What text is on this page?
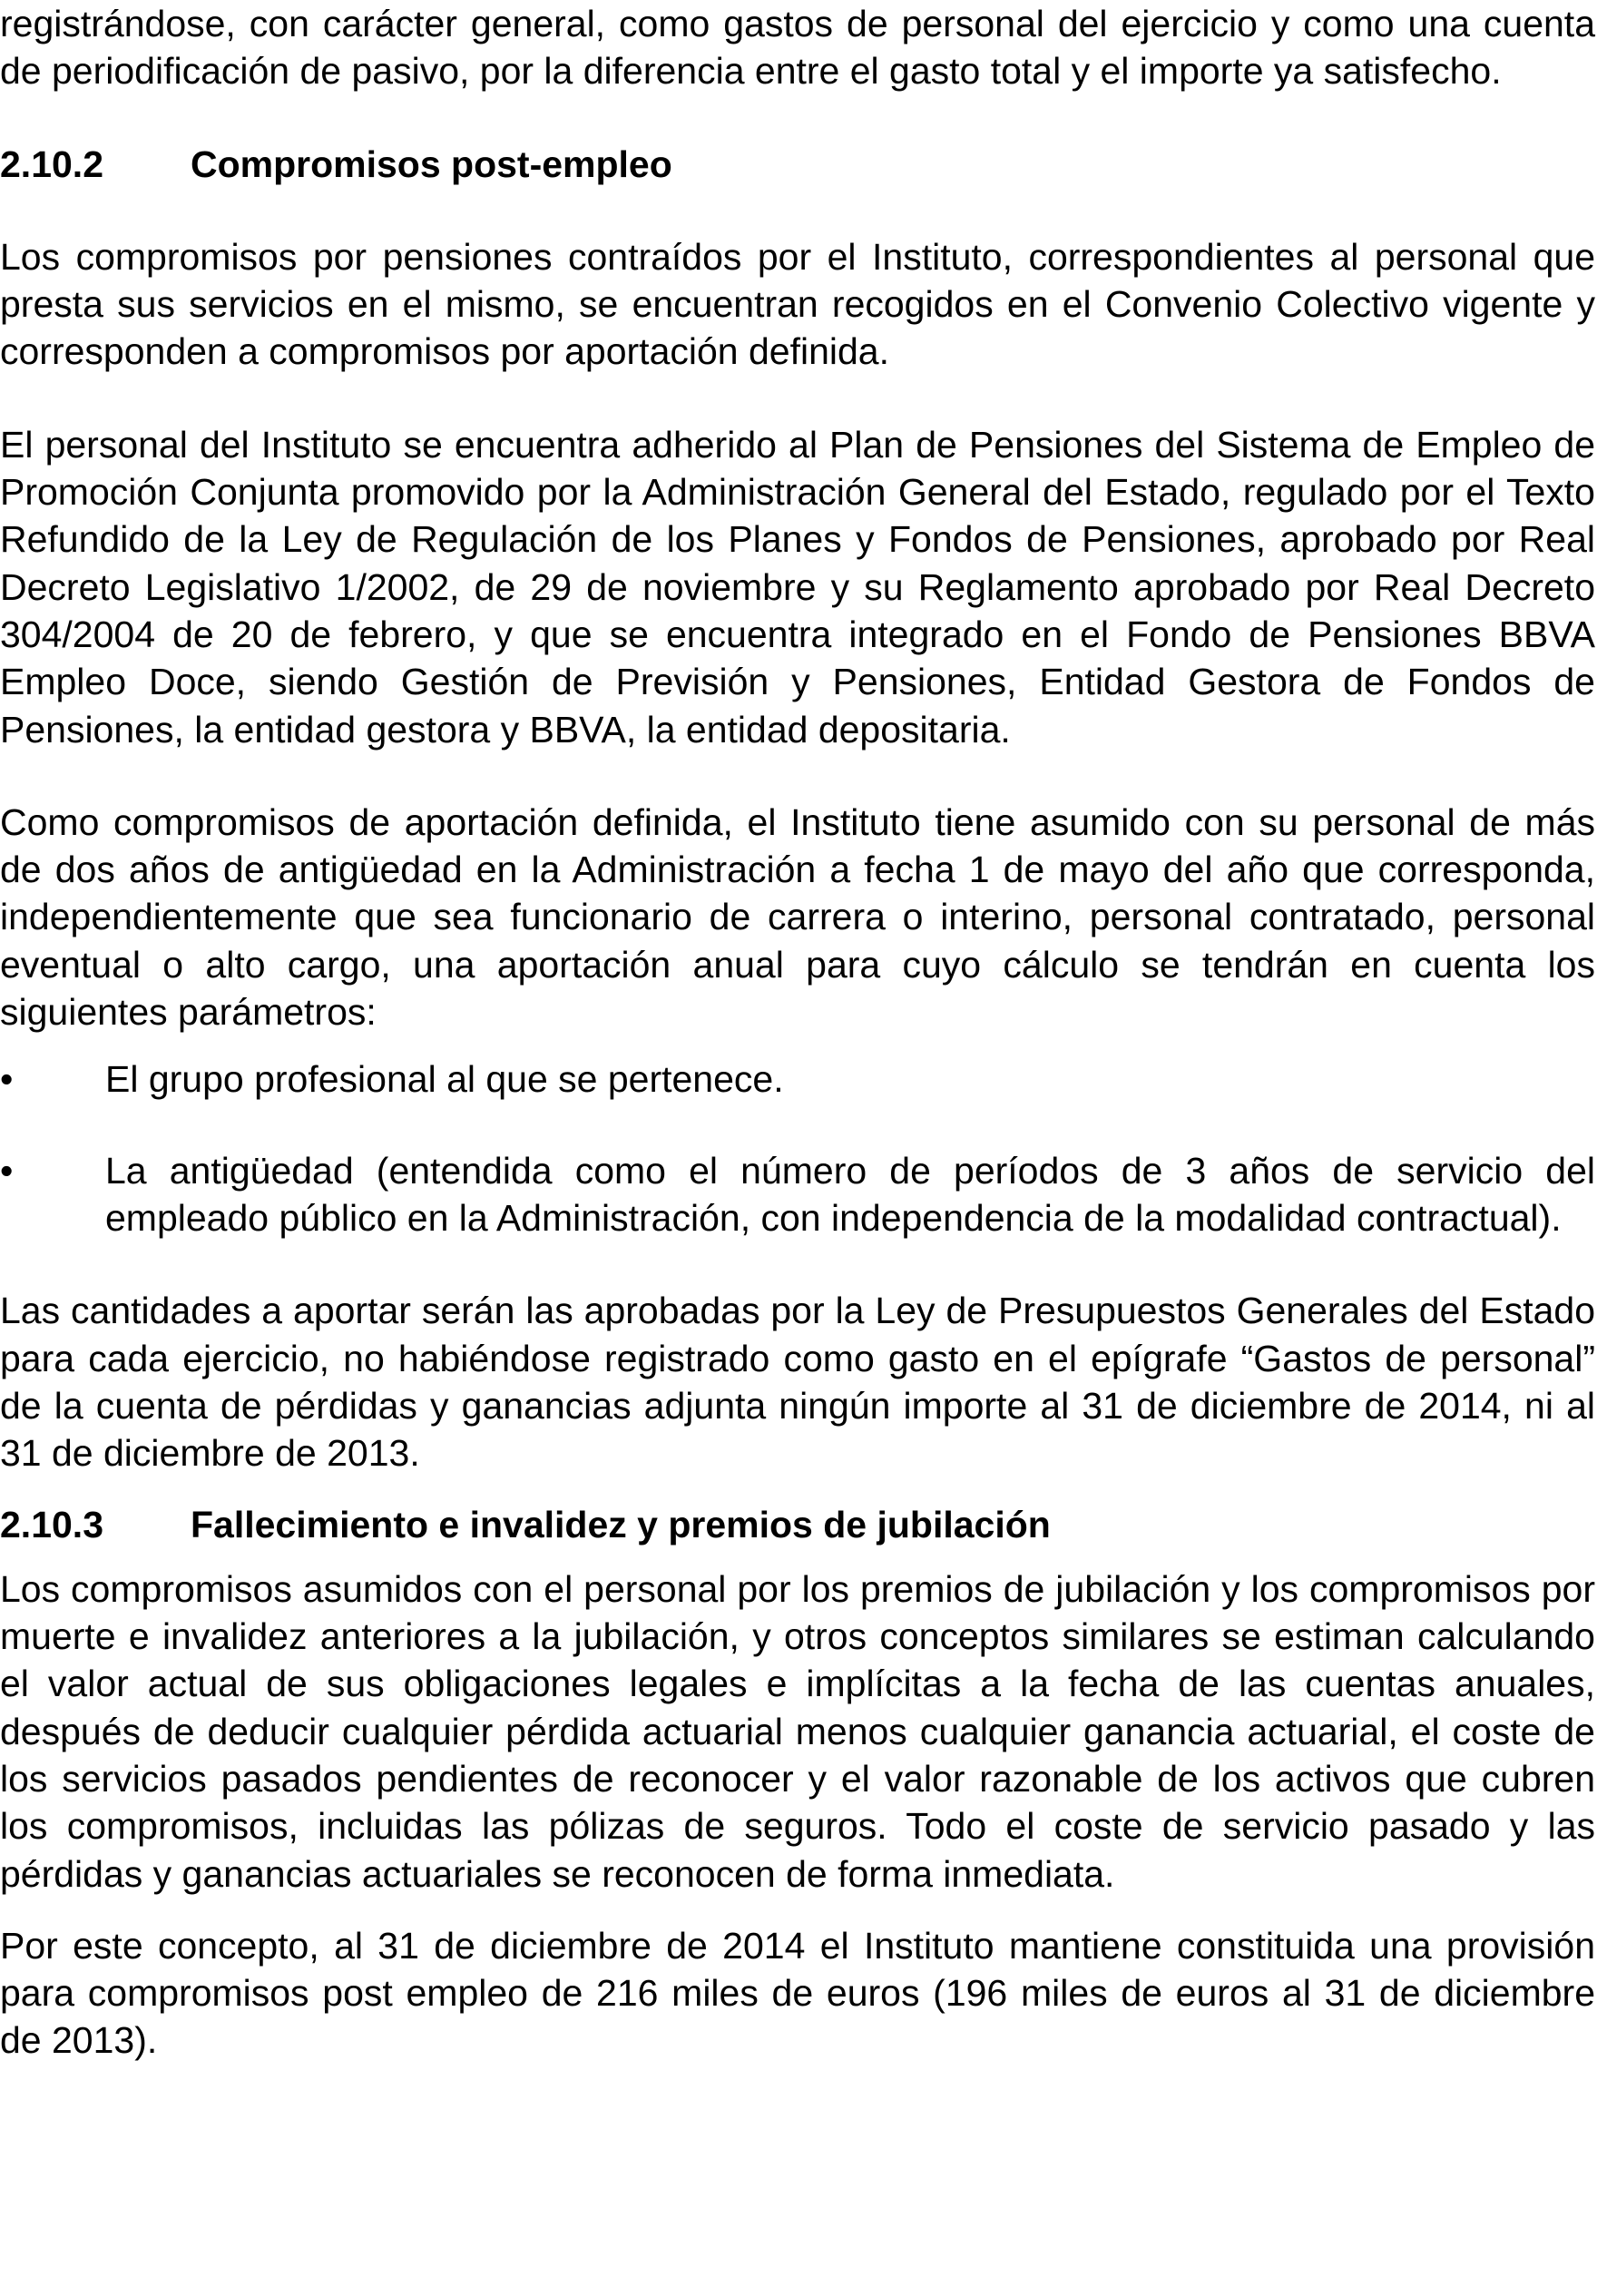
registrándose, con carácter general, como gastos de personal del ejercicio y como una cuenta de periodificación de pasivo, por la diferencia entre el gasto total y el importe ya satisfecho.

2.10.2	Compromisos post-empleo

Los compromisos por pensiones contraídos por el Instituto, correspondientes al personal que presta sus servicios en el mismo, se encuentran recogidos en el Convenio Colectivo vigente y corresponden a compromisos por aportación definida.

El personal del Instituto se encuentra adherido al Plan de Pensiones del Sistema de Empleo de Promoción Conjunta promovido por la Administración General del Estado, regulado por el Texto Refundido de la Ley de Regulación de los Planes y Fondos de Pensiones, aprobado por Real Decreto Legislativo 1/2002, de 29 de noviembre y su Reglamento aprobado por Real Decreto 304/2004 de 20 de febrero, y que se encuentra integrado en el Fondo de Pensiones BBVA Empleo Doce, siendo Gestión de Previsión y Pensiones, Entidad Gestora de Fondos de Pensiones, la entidad gestora y BBVA, la entidad depositaria.

Como compromisos de aportación definida, el Instituto tiene asumido con su personal de más de dos años de antigüedad en la Administración a fecha 1 de mayo del año que corresponda, independientemente que sea funcionario de carrera o interino, personal contratado, personal eventual o alto cargo, una aportación anual para cuyo cálculo se tendrán en cuenta los siguientes parámetros:

•	El grupo profesional al que se pertenece.
•	La antigüedad (entendida como el número de períodos de 3 años de servicio del empleado público en la Administración, con independencia de la modalidad contractual).

Las cantidades a aportar serán las aprobadas por la Ley de Presupuestos Generales del Estado para cada ejercicio, no habiéndose registrado como gasto en el epígrafe “Gastos de personal” de la cuenta de pérdidas y ganancias adjunta ningún importe al 31 de diciembre de 2014, ni al 31 de diciembre de 2013.

2.10.3	Fallecimiento e invalidez y premios de jubilación

Los compromisos asumidos con el personal por los premios de jubilación y los compromisos por muerte e invalidez anteriores a la jubilación, y otros conceptos similares se estiman calculando el valor actual de sus obligaciones legales e implícitas a la fecha de las cuentas anuales, después de deducir cualquier pérdida actuarial menos cualquier ganancia actuarial, el coste de los servicios pasados pendientes de reconocer y el valor razonable de los activos que cubren los compromisos, incluidas las pólizas de seguros. Todo el coste de servicio pasado y las pérdidas y ganancias actuariales se reconocen de forma inmediata.

Por este concepto, al 31 de diciembre de 2014 el Instituto mantiene constituida una provisión para compromisos post empleo de 216 miles de euros (196 miles de euros al 31 de diciembre de 2013).
